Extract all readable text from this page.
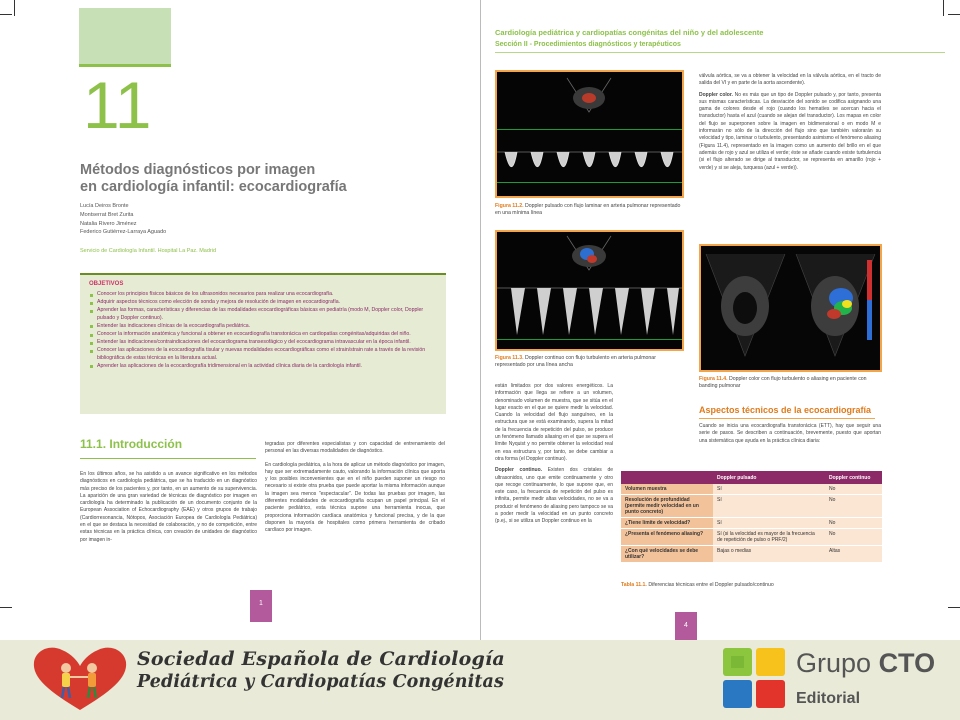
11
Métodos diagnósticos por imagen
en cardiología infantil: ecocardiografía
Lucía Deiros Bronte
Montserrat Bret Zurita
Natalia Rivero Jiménez
Federico Gutiérrez-Larraya Aguado
Servicio de Cardiología Infantil. Hospital La Paz. Madrid
OBJETIVOS
Conocer los principios físicos básicos de los ultrasonidos necesarios para realizar una ecocardiografía.
Adquirir aspectos técnicos como elección de sonda y mejora de resolución de imagen en ecocardiografía.
Aprender las formas, características y diferencias de las modalidades ecocardiográficas básicas en pediatría (modo M, Doppler color, Doppler pulsado y Doppler continuo).
Entender las indicaciones clínicas de la ecocardiografía pediátrica.
Conocer la información anatómica y funcional a obtener en ecocardiografía transtorácica en cardiopatías congénitas/adquiridas del niño.
Entender las indicaciones/contraindicaciones del ecocardiograma transesofágico y del ecocardiograma intravascular en la época infantil.
Conocer las aplicaciones de la ecocardiografía tisular y nuevas modalidades ecocardiográficas como el strain/strain rate a través de la revisión bibliográfica de estas técnicas en la literatura actual.
Aprender las aplicaciones de la ecocardiografía tridimensional en la actividad clínica diaria de la cardiología infantil.
11.1. Introducción
En los últimos años, se ha asistido a un avance significativo en los métodos diagnósticos en cardiología pediátrica, que se ha traducido en un diagnóstico más preciso de los pacientes y, por tanto, en un aumento de su supervivencia. La aparición de una gran variedad de técnicas de diagnóstico por imagen en cardiología ha determinado la publicación de un documento conjunto de la European Association of Echocardiography (EAE) y otros grupos de trabajo (Cardiorresonancia, Nótopos, Asociación Europea de Cardiología Pediátrica) en el que se destaca la necesidad de colaboración, y no de competición, entre estas técnicas en la práctica clínica, con creación de unidades de diagnóstico por imagen in-

tegradas por diferentes especialistas y con capacidad de entrenamiento del personal en las diversas modalidades de diagnóstico.

En cardiología pediátrica, a la hora de aplicar un método diagnóstico por imagen, hay que ser extremadamente cauto, valorando la información clínica que aporta y los posibles inconvenientes que en el niño pueden suponer un riesgo no necesario si existe otra prueba que puede aportar la misma información aunque la imagen sea menos "espectacular". De todas las pruebas por imagen, las diferentes modalidades de ecocardiografía ocupan un papel principal. En el paciente pediátrico, esta técnica supone una herramienta inocua, que proporciona información cardíaca anatómica y funcional precisa, y de la que disponen la mayoría de hospitales como primera herramienta de cribado cardíaco por imagen.

1
Cardiología pediátrica y cardiopatías congénitas del niño y del adolescente
Sección II - Procedimientos diagnósticos y terapéuticos
Figura 11.2. Doppler pulsado con flujo laminar en arteria pulmonar representado en una mínima línea
Figura 11.3. Doppler continuo con flujo turbulento en arteria pulmonar representado por una línea ancha
Figura 11.4. Doppler color con flujo turbulento o aliasing en paciente con banding pulmonar

válvula aórtica, se va a obtener la velocidad en la válvula aórtica, en el tracto de salida del VI y en parte de la aorta ascendente).

Doppler color. No es más que un tipo de Doppler pulsado y, por tanto, presenta sus mismas características. La desviación del sonido se codifica asignando una gama de colores desde el rojo (cuando los hematíes se acercan hacia el transductor) hasta el azul (cuando se alejan del transductor). Los mapas en color del flujo se superponen sobre la imagen en bidimensional o en modo M e informarán no sólo de la dirección del flujo sino que también valorarán su velocidad y tipo, laminar o turbulento, presentando asimismo el fenómeno aliasing (Figura 11.4), representado en la imagen como un aumento del brillo en el que además de rojo y azul se utiliza el verde; éste se añade cuando existe turbulencia (si el flujo alterado se dirige al transductor, se representa en amarillo (rojo + verde) y si se aleja, turquesa (azul + verde)).

están limitados por dos valores energéticos. La información que llega se refiere a un volumen, denominado volumen de muestra, que se sitúa en el lugar exacto en el que se quiere medir la velocidad. Cuando la velocidad del flujo sanguíneo, en la estructura que se está examinando, supera la mitad de la frecuencia de repetición del pulso, se produce un fenómeno llamado aliasing en el que se supera el límite Nyquist y no permite obtener la velocidad real en esa estructura y, por tanto, se debe cambiar a otra forma (el Doppler continuo).

Doppler continuo. Existen dos cristales de ultrasonidos, uno que emite continuamente y otro que recoge continuamente, lo que supone que, en este caso, la frecuencia de repetición del pulso es infinita, permite medir altas velocidades, no se va a producir el fenómeno de aliasing pero tampoco se va a poder medir la velocidad en un punto concreto (p.ej., si se utiliza un Doppler continuo en la

Aspectos técnicos de la ecocardiografía
Cuando se inicia una ecocardiografía transtorácica (ETT), hay que seguir una serie de pasos. Se describen a continuación, brevemente, puesto que aportan una sistemática que ayuda en la práctica clínica diaria:
	Doppler pulsado	Doppler continuo
Volumen muestra	Sí	No
Resolución de profundidad (permite medir velocidad en un punto concreto)	Sí	No
¿Tiene límite de velocidad?	Sí	No
¿Presenta el fenómeno aliasing?	Sí (si la velocidad es mayor de la frecuencia de repetición de pulso o PRF/2)	No
¿Con qué velocidades se debe utilizar?	Bajas o medias	Altas
Tabla 11.1. Diferencias técnicas entre el Doppler pulsado/continuo
4
Sociedad Española de Cardiología
Pediátrica y Cardiopatías Congénitas
Grupo CTO
Editorial
